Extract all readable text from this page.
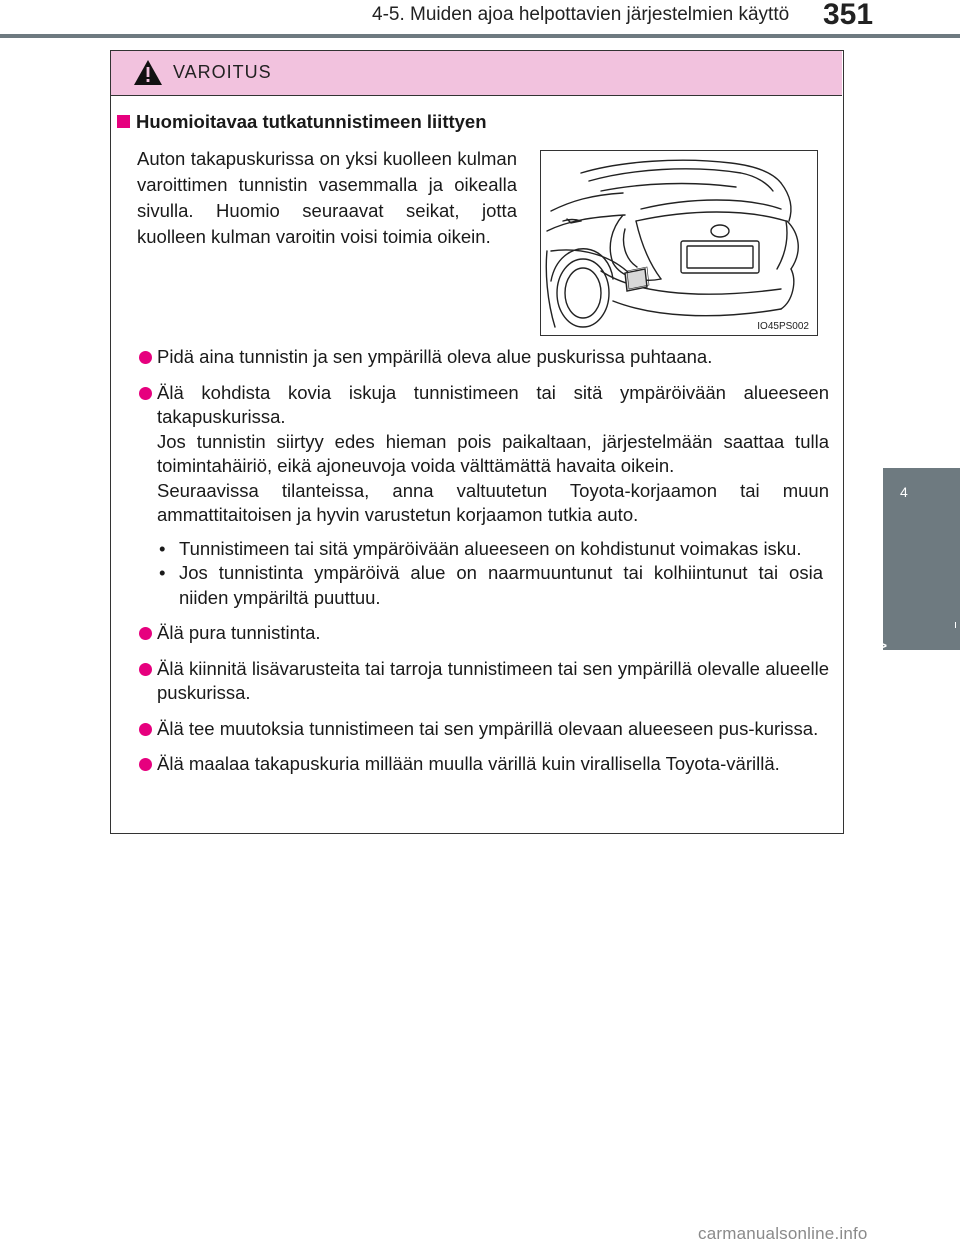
4-5. Muiden ajoa helpottavien järjestelmien käyttö 351
4
Ajaminen
VAROITUS
Huomioitavaa tutkatunnistimeen liittyen
Auton takapuskurissa on yksi kuolleen kulman varoittimen tunnistin vasemmalla ja oikealla sivulla. Huomio seuraavat seikat, jotta kuolleen kulman varoitin voisi toimia oikein.
IO45PS002

Pidä aina tunnistin ja sen ympärillä oleva alue puskurissa puhtaana.

Älä kohdista kovia iskuja tunnistimeen tai sitä ympäröivään alueeseen takapuskurissa.

Jos tunnistin siirtyy edes hieman pois paikaltaan, järjestelmään saattaa tulla toimintahäiriö, eikä ajoneuvoja voida välttämättä havaita oikein.

Seuraavissa tilanteissa, anna valtuutetun Toyota-korjaamon tai muun ammattitaitoisen ja hyvin varustetun korjaamon tutkia auto.

• Tunnistimeen tai sitä ympäröivään alueeseen on kohdistunut voimakas isku.
• Jos tunnistinta ympäröivä alue on naarmuuntunut tai kolhiintunut tai osia niiden ympäriltä puuttuu.

Älä pura tunnistinta.

Älä kiinnitä lisävarusteita tai tarroja tunnistimeen tai sen ympärillä olevalle alueelle puskurissa.

Älä tee muutoksia tunnistimeen tai sen ympärillä olevaan alueeseen pus-kurissa.

Älä maalaa takapuskuria millään muulla värillä kuin virallisella Toyota-värillä.

carmanualsonline.info
